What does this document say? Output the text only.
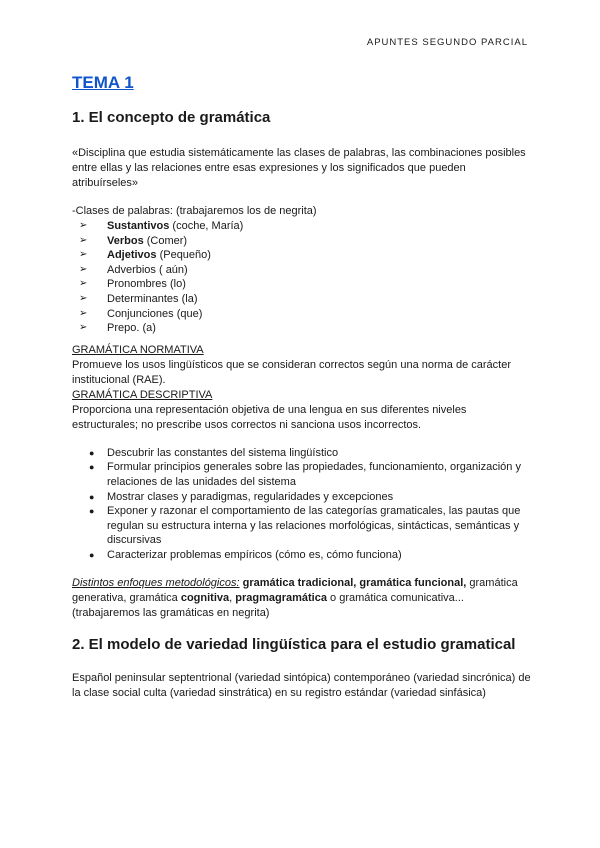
APUNTES SEGUNDO PARCIAL
TEMA 1
1. El concepto de gramática

«Disciplina que estudia sistemáticamente las clases de palabras, las combinaciones posibles entre ellas y las relaciones entre esas expresiones y los significados que pueden atribuírseles»

-Clases de palabras: (trabajaremos los de negrita)

➢	Sustantivos (coche, María)
➢	Verbos (Comer)
➢	Adjetivos (Pequeño)
➢	Adverbios ( aún)
➢	Pronombres (lo)
➢	Determinantes (la)
➢	Conjunciones (que)
➢	Prepo. (a)

GRAMÁTICA NORMATIVA

Promueve los usos lingüísticos que se consideran correctos según una norma de carácter institucional (RAE).

GRAMÁTICA DESCRIPTIVA

Proporciona una representación objetiva de una lengua en sus diferentes niveles estructurales; no prescribe usos correctos ni sanciona usos incorrectos.

●	Descubrir las constantes del sistema lingüístico
●	Formular principios generales sobre las propiedades, funcionamiento, organización y relaciones de las unidades del sistema
●	Mostrar clases y paradigmas, regularidades y excepciones
●	Exponer y razonar el comportamiento de las categorías gramaticales, las pautas que regulan su estructura interna y las relaciones morfológicas, sintácticas, semánticas y discursivas
●	Caracterizar problemas empíricos (cómo es, cómo funciona)

Distintos enfoques metodológicos: gramática tradicional, gramática funcional, gramática generativa, gramática cognitiva, pragmagramática o gramática comunicativa...

(trabajaremos las gramáticas en negrita)

2. El modelo de variedad lingüística para el estudio gramatical

Español peninsular septentrional (variedad sintópica) contemporáneo (variedad sincrónica) de la clase social culta (variedad sinstrática) en su registro estándar (variedad sinfásica)
